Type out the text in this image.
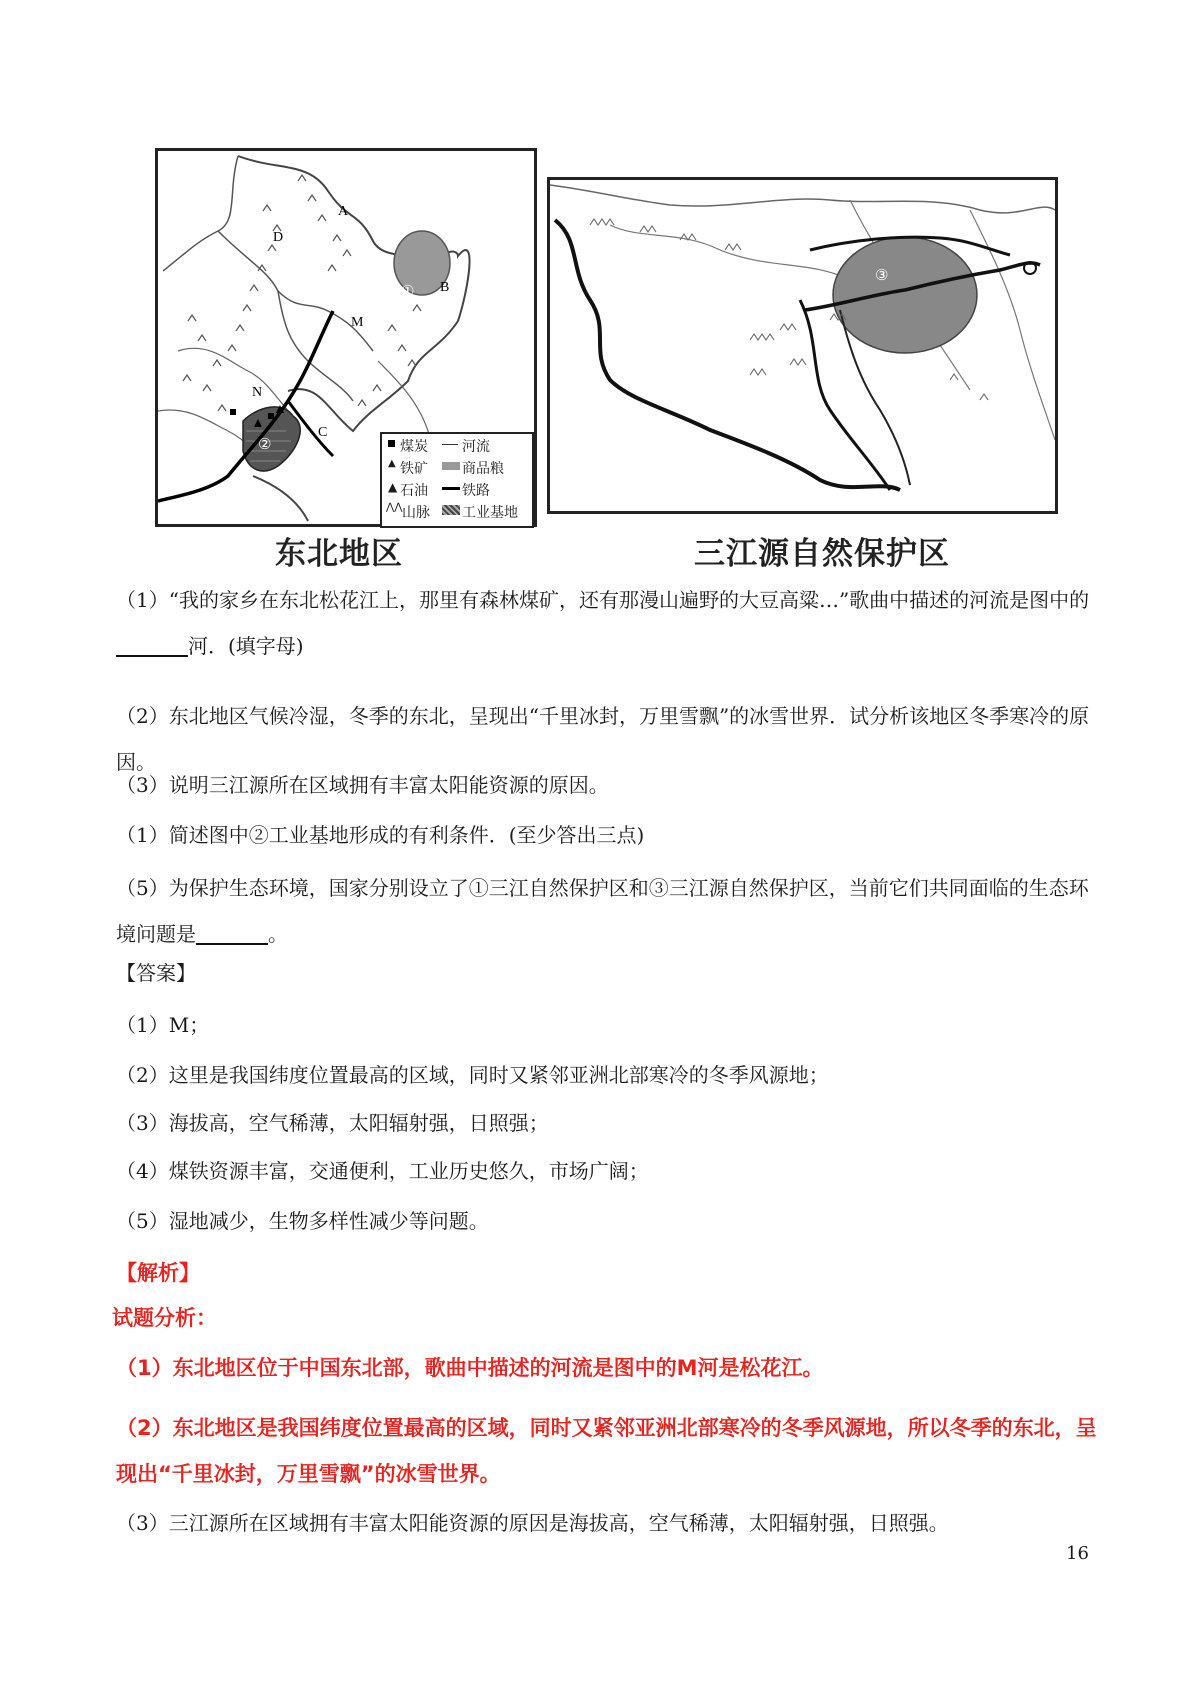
A
B
C
D
M
N
①
②	煤炭 河流
▲ 铁矿 商品粮
▲ 石油 铁路
⋀⋀ 山脉 工业基地
东北地区
③
三江源自然保护区
（1）“我的家乡在东北松花江上，那里有森林煤矿，还有那漫山遍野的大豆高粱…”歌曲中描述的河流是图中的河．(填字母)
（2）东北地区气候冷湿，冬季的东北，呈现出“千里冰封，万里雪飘”的冰雪世界．试分析该地区冬季寒冷的原因。
（3）说明三江源所在区域拥有丰富太阳能资源的原因。
（1）简述图中②工业基地形成的有利条件．(至少答出三点)
（5）为保护生态环境，国家分别设立了①三江自然保护区和③三江源自然保护区，当前它们共同面临的生态环境问题是	。
【答案】
（1）M；
（2）这里是我国纬度位置最高的区域，同时又紧邻亚洲北部寒冷的冬季风源地；
（3）海拔高，空气稀薄，太阳辐射强，日照强；
（4）煤铁资源丰富，交通便利，工业历史悠久，市场广阔；
（5）湿地减少，生物多样性减少等问题。
【解析】
试题分析：
（1）东北地区位于中国东北部，歌曲中描述的河流是图中的M河是松花江。
（2）东北地区是我国纬度位置最高的区域，同时又紧邻亚洲北部寒冷的冬季风源地，所以冬季的东北，呈现出“千里冰封，万里雪飘”的冰雪世界。
（3）三江源所在区域拥有丰富太阳能资源的原因是海拔高，空气稀薄，太阳辐射强，日照强。
16
